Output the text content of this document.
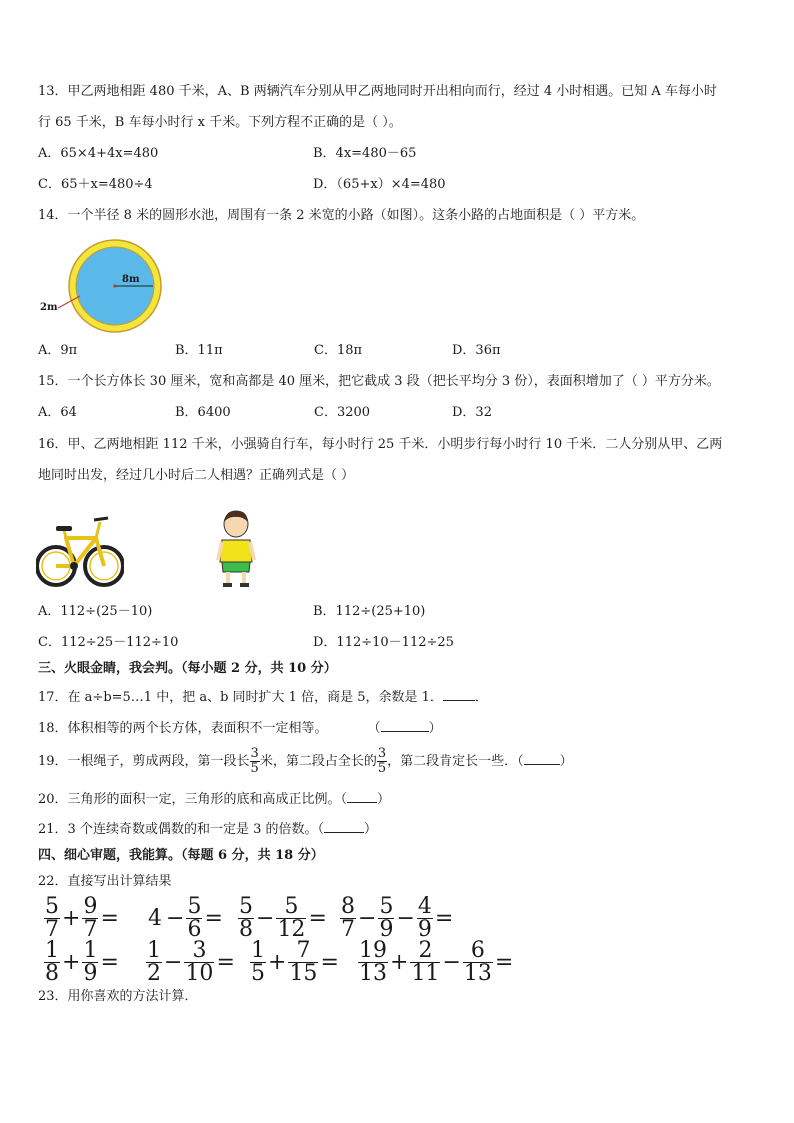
13．甲乙两地相距 480 千米，A、B 两辆汽车分别从甲乙两地同时开出相向而行，经过 4 小时相遇。已知 A 车每小时
行 65 千米，B 车每小时行 x 千米。下列方程不正确的是（ ）。
A．65×4+4x=480	B．4x=480－65
C．65＋x=480÷4	D．（65+x）×4=480
14．一个半径 8 米的圆形水池，周围有一条 2 米宽的小路（如图）。这条小路的占地面积是（ ）平方米。
8m
2m
A．9π	B．11π	C．18π	D．36π
15．一个长方体长 30 厘米，宽和高都是 40 厘米，把它截成 3 段（把长平均分 3 份），表面积增加了（ ）平方分米。
A．64	B．6400	C．3200	D．32
16．甲、乙两地相距 112 千米，小强骑自行车，每小时行 25 千米．小明步行每小时行 10 千米．二人分别从甲、乙两
地同时出发，经过几小时后二人相遇？正确列式是（ ）
A．112÷(25－10)	B．112÷(25+10)
C．112÷25－112÷10	D．112÷10－112÷25
三、火眼金睛，我会判。（每小题 2 分，共 10 分）
17．在 a÷b=5…1 中，把 a、b 同时扩大 1 倍，商是 5，余数是 1． ．
18．体积相等的两个长方体，表面积不一定相等。	（	）
19．一根绳子，剪成两段，第一段长 $\frac{3}{5}$ 米，第二段占全长的 $\frac{3}{5}$ ，第二段肯定长一些．（	）
20．三角形的面积一定，三角形的底和高成正比例。（ ）
21．3 个连续奇数或偶数的和一定是 3 的倍数。（	）
四、细心审题，我能算。（每题 6 分，共 18 分）
22．直接写出计算结果
$\frac{5}{7} + \frac{9}{7} = 4 - \frac{5}{6} = \frac{5}{8} - \frac{5}{12} = \frac{8}{7} - \frac{5}{9} - \frac{4}{9}$ =
$\frac{1}{8} + \frac{1}{9} = \frac{1}{2} - \frac{3}{10} = \frac{1}{5} + \frac{7}{15} = \frac{19}{13} + \frac{2}{11} - \frac{6}{13}$ =
23．用你喜欢的方法计算．
